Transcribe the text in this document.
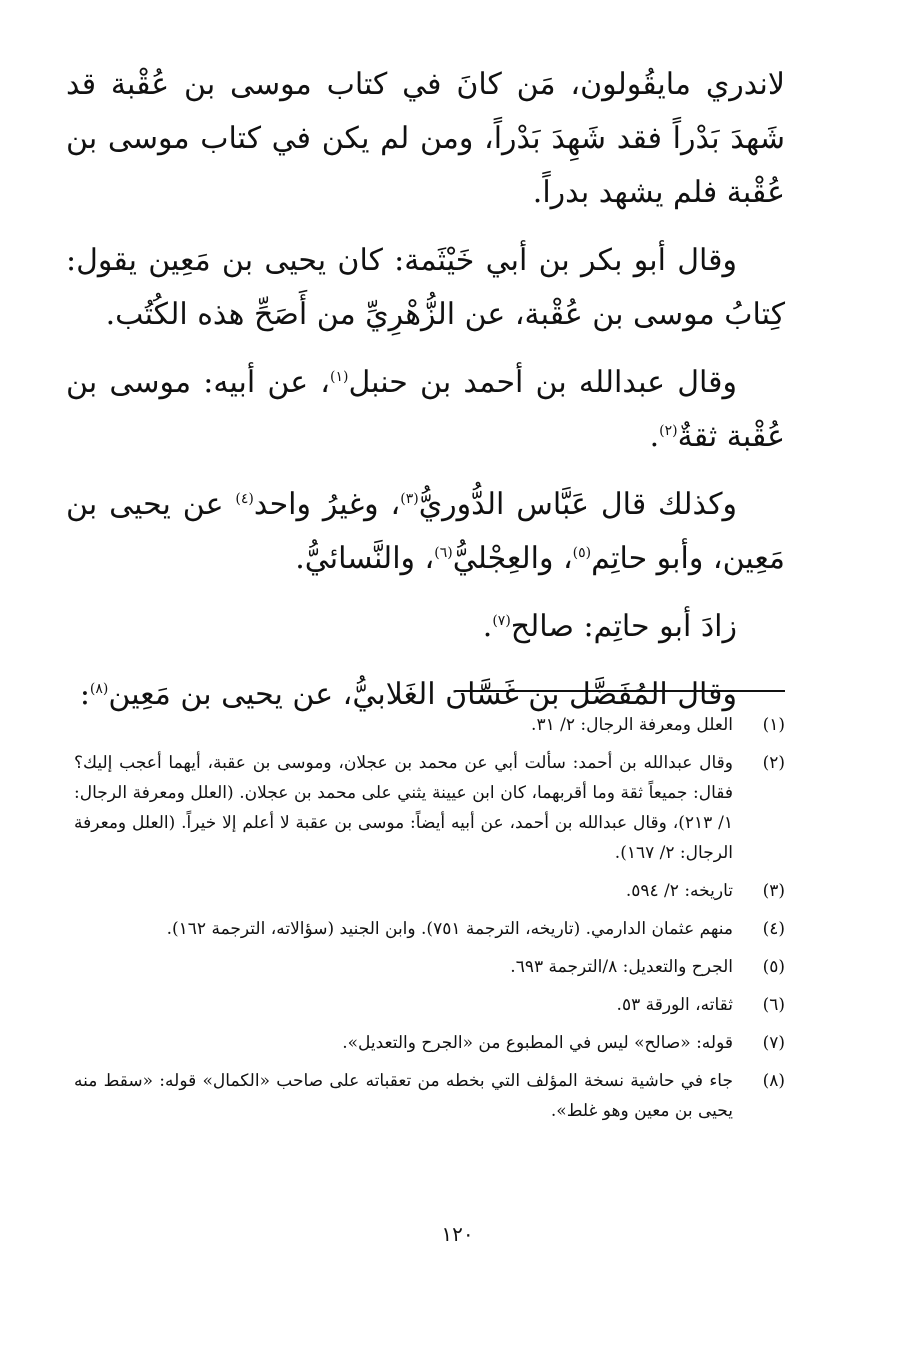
لاندري مايقُولون، مَن كانَ في كتاب موسى بن عُقْبة قد شَهدَ بَدْراً فقد شَهِدَ بَدْراً، ومن لم يكن في كتاب موسى بن عُقْبة فلم يشهد بدراً.

وقال أبو بكر بن أبي خَيْثَمة: كان يحيى بن مَعِين يقول: كِتابُ موسى بن عُقْبة، عن الزُّهْرِيِّ من أَصَحِّ هذه الكُتُب.

وقال عبدالله بن أحمد بن حنبل$^{(١)}$، عن أبيه: موسى بن عُقْبة ثقةٌ$^{(٢)}$.

وكذلك قال عَبَّاس الدُّوريُّ$^{(٣)}$، وغيرُ واحد$^{(٤)}$ عن يحيى بن مَعِين، وأبو حاتِم$^{(٥)}$، والعِجْليُّ$^{(٦)}$، والنَّسائيُّ.

زادَ أبو حاتِم: صالح$^{(٧)}$.

وقال المُفَضَّل بن غَسَّان الغَلابيُّ، عن يحيى بن مَعِين$^{(٨)}$:

(١)
العلل ومعرفة الرجال: ٢/ ٣١.
(٢)
وقال عبدالله بن أحمد: سألت أبي عن محمد بن عجلان، وموسى بن عقبة، أيهما أعجب إليك؟ فقال: جميعاً ثقة وما أقربهما، كان ابن عيينة يثني على محمد بن عجلان. (العلل ومعرفة الرجال: ١/ ٢١٣)، وقال عبدالله بن أحمد، عن أبيه أيضاً: موسى بن عقبة لا أعلم إلا خيراً. (العلل ومعرفة الرجال: ٢/ ١٦٧).
(٣)
تاريخه: ٢/ ٥٩٤.
(٤)
منهم عثمان الدارمي. (تاريخه، الترجمة ٧٥١). وابن الجنيد (سؤالاته، الترجمة ١٦٢).
(٥)
الجرح والتعديل: ٨/الترجمة ٦٩٣.
(٦)
ثقاته، الورقة ٥٣.
(٧)
قوله: «صالح» ليس في المطبوع من «الجرح والتعديل».
(٨)
جاء في حاشية نسخة المؤلف التي بخطه من تعقباته على صاحب «الكمال» قوله: «سقط منه يحيى بن معين وهو غلط».
١٢٠
